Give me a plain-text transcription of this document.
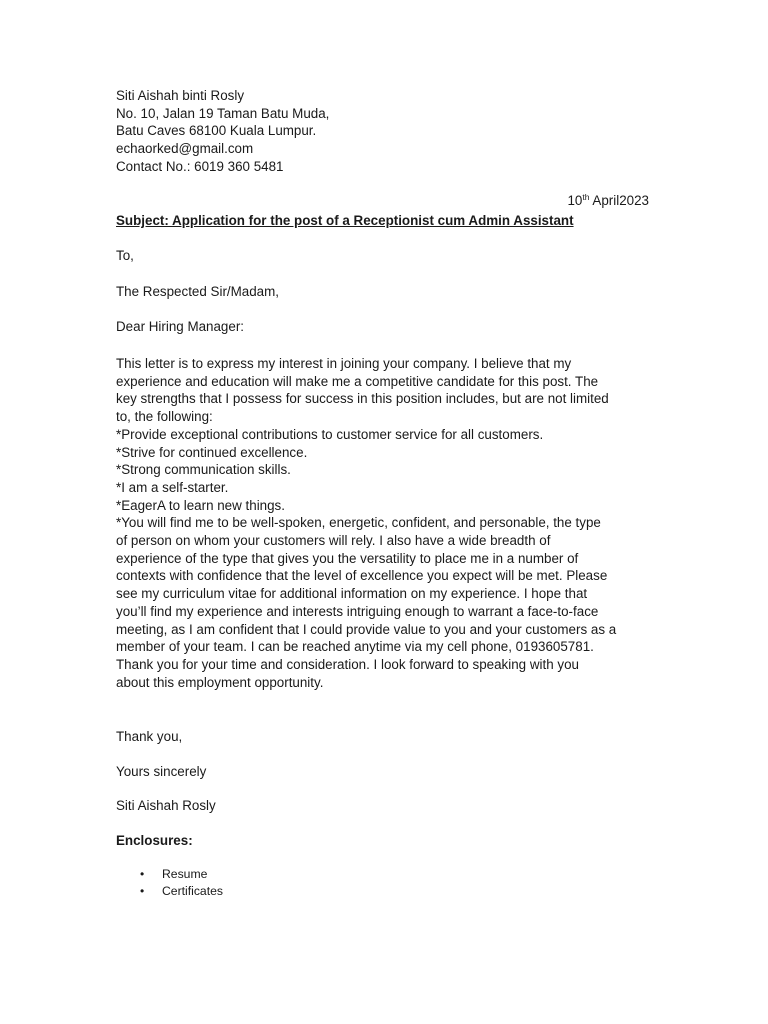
Siti Aishah binti Rosly
No. 10, Jalan 19 Taman Batu Muda,
Batu Caves 68100 Kuala Lumpur.
echaorked@gmail.com
Contact No.: 6019 360 5481
10th April2023
Subject: Application for the post of a Receptionist cum Admin Assistant
To,
The Respected Sir/Madam,
Dear Hiring Manager:
This letter is to express my interest in joining your company. I believe that my
experience and education will make me a competitive candidate for this post. The
key strengths that I possess for success in this position includes, but are not limited
to, the following:
*Provide exceptional contributions to customer service for all customers.
*Strive for continued excellence.
*Strong communication skills.
*I am a self-starter.
*EagerA to learn new things.
*You will find me to be well-spoken, energetic, confident, and personable, the type
of person on whom your customers will rely. I also have a wide breadth of
experience of the type that gives you the versatility to place me in a number of
contexts with confidence that the level of excellence you expect will be met. Please
see my curriculum vitae for additional information on my experience. I hope that
you’ll find my experience and interests intriguing enough to warrant a face-to-face
meeting, as I am confident that I could provide value to you and your customers as a
member of your team. I can be reached anytime via my cell phone, 0193605781.
Thank you for your time and consideration. I look forward to speaking with you
about this employment opportunity.
Thank you,
Yours sincerely
Siti Aishah Rosly
Enclosures:
• Resume
• Certificates
